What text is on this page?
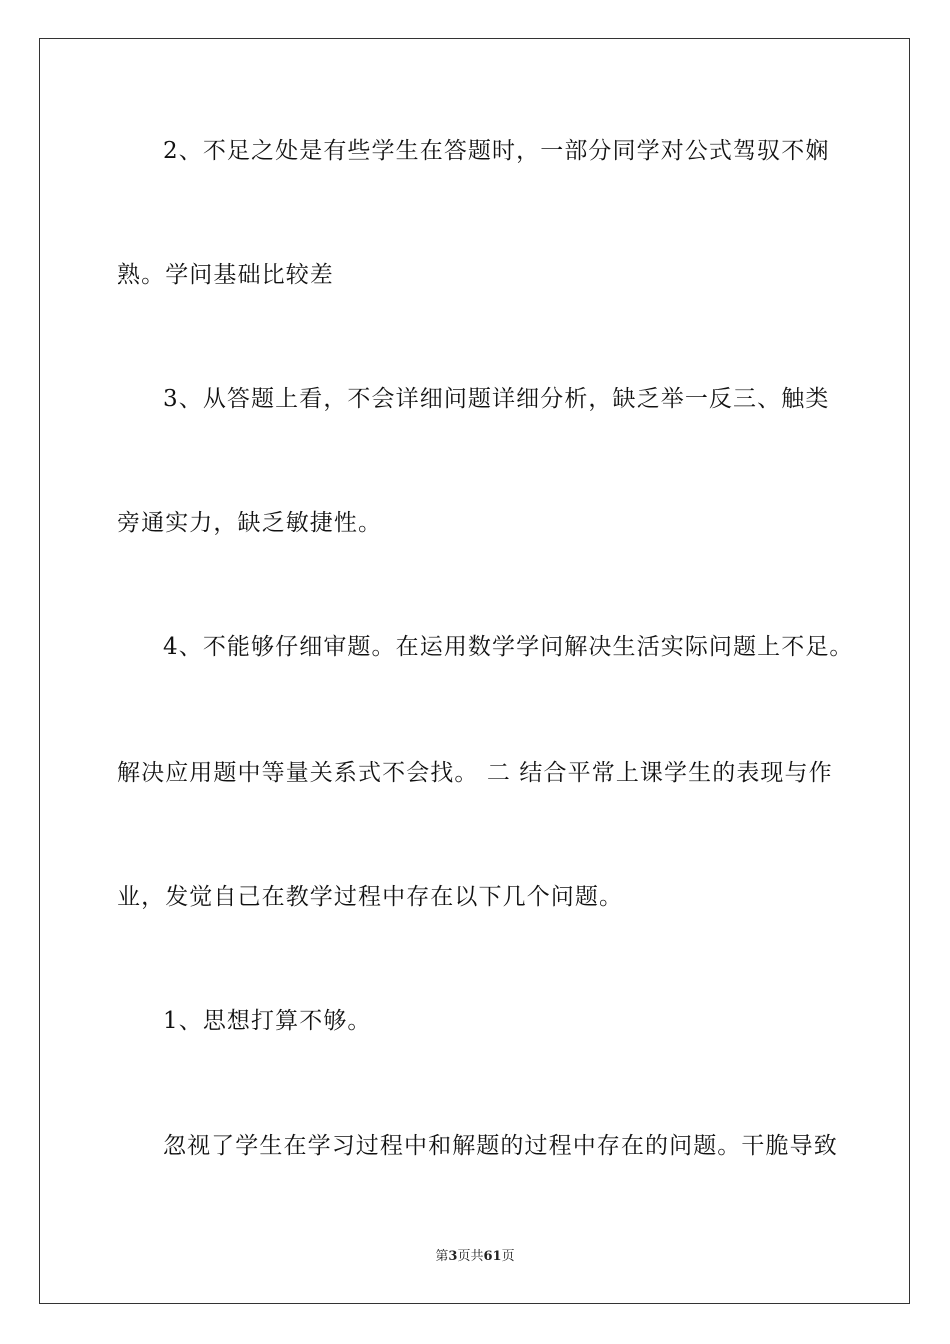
2、不足之处是有些学生在答题时，一部分同学对公式驾驭不娴
熟。学问基础比较差
3、从答题上看，不会详细问题详细分析，缺乏举一反三、触类
旁通实力，缺乏敏捷性。
4、不能够仔细审题。在运用数学学问解决生活实际问题上不足。
解决应用题中等量关系式不会找。 二 结合平常上课学生的表现与作
业，发觉自己在教学过程中存在以下几个问题。
1、思想打算不够。
忽视了学生在学习过程中和解题的过程中存在的问题。干脆导致
第3页共61页
